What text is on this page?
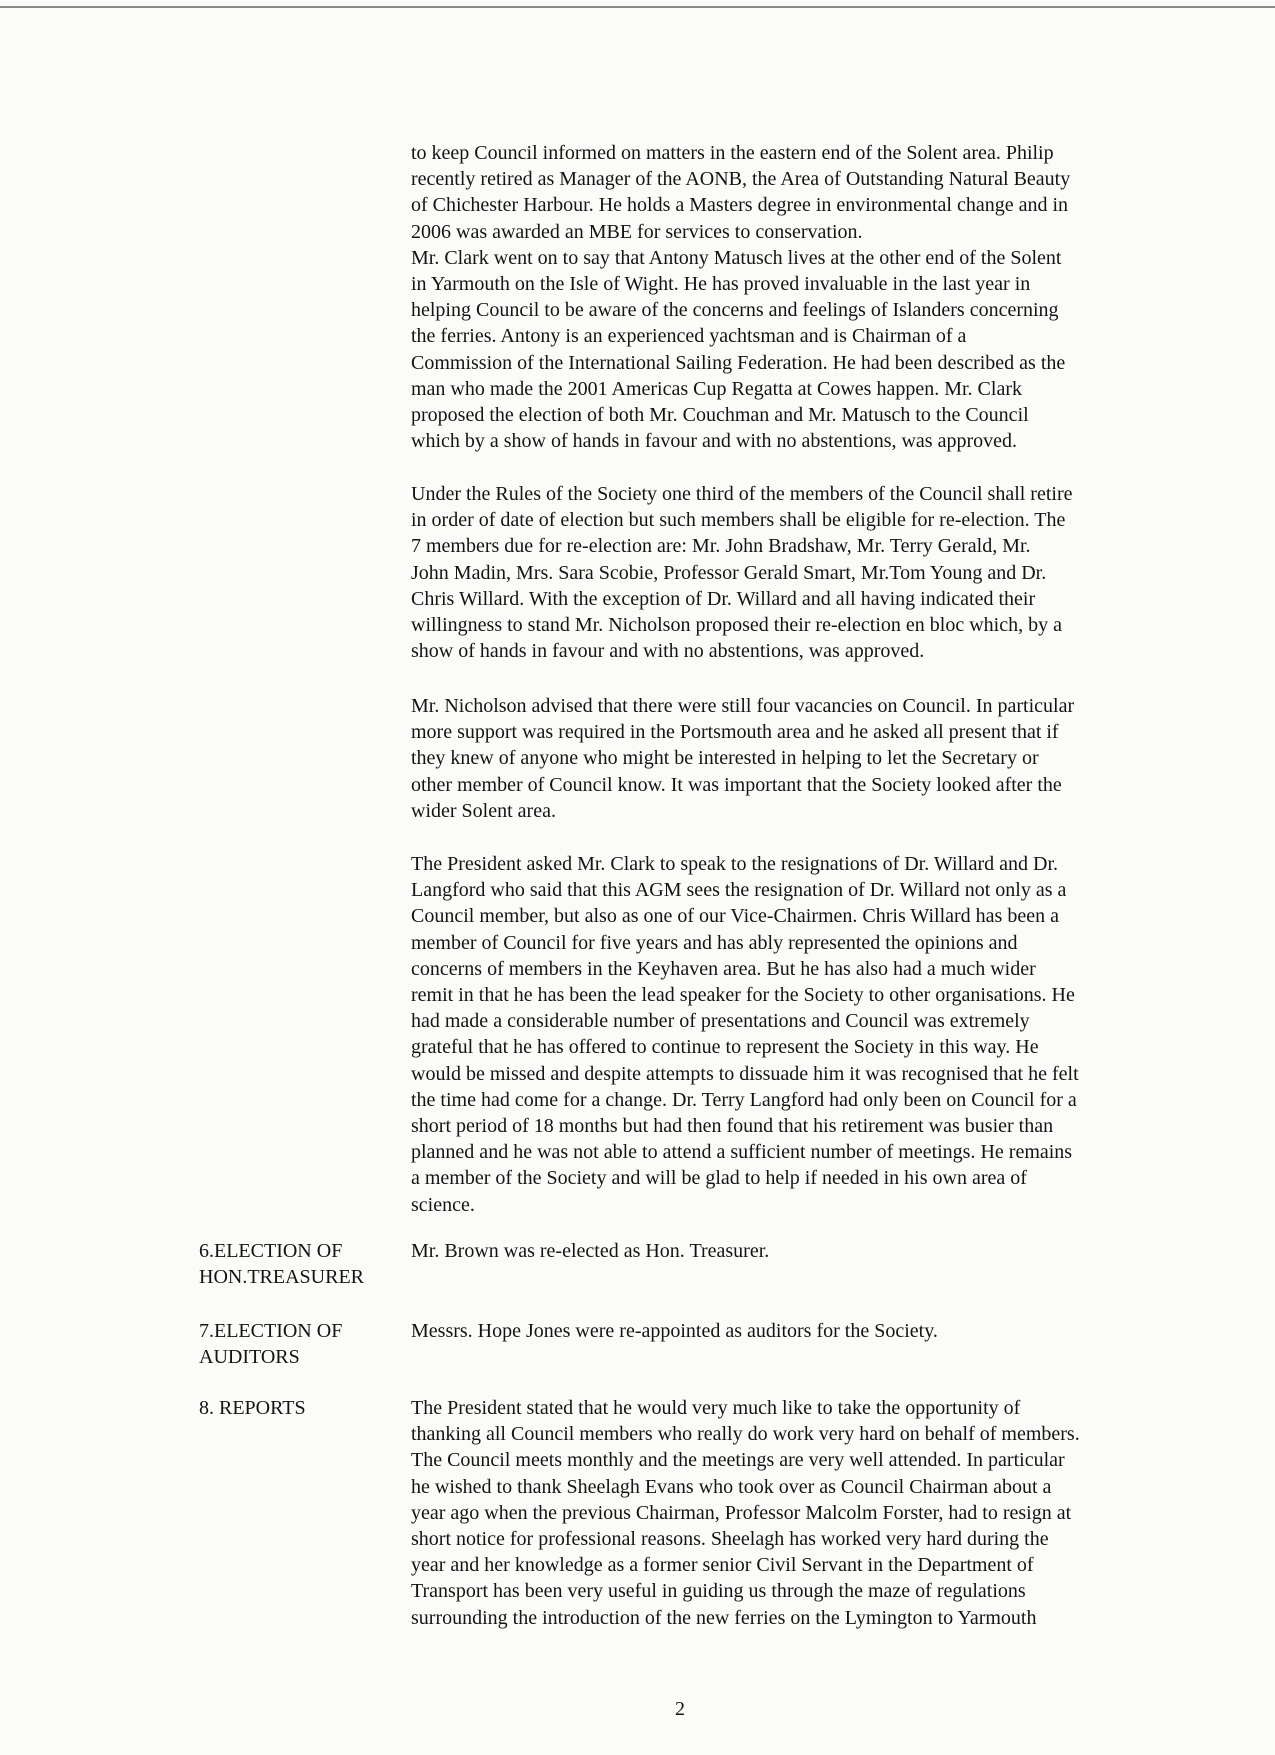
to keep Council informed on matters in the eastern end of the Solent area. Philip
recently retired as Manager of the AONB, the Area of Outstanding Natural Beauty
of Chichester Harbour. He holds a Masters degree in environmental change and in
2006 was awarded an MBE for services to conservation.
Mr. Clark went on to say that Antony Matusch lives at the other end of the Solent
in Yarmouth on the Isle of Wight. He has proved invaluable in the last year in
helping Council to be aware of the concerns and feelings of Islanders concerning
the ferries. Antony is an experienced yachtsman and is Chairman of a
Commission of the International Sailing Federation. He had been described as the
man who made the 2001 Americas Cup Regatta at Cowes happen. Mr. Clark
proposed the election of both Mr. Couchman and Mr. Matusch to the Council
which by a show of hands in favour and with no abstentions, was approved.

Under the Rules of the Society one third of the members of the Council shall retire
in order of date of election but such members shall be eligible for re-election. The
7 members due for re-election are: Mr. John Bradshaw, Mr. Terry Gerald, Mr.
John Madin, Mrs. Sara Scobie, Professor Gerald Smart, Mr.Tom Young and Dr.
Chris Willard. With the exception of Dr. Willard and all having indicated their
willingness to stand Mr. Nicholson proposed their re-election en bloc which, by a
show of hands in favour and with no abstentions, was approved.

Mr. Nicholson advised that there were still four vacancies on Council. In particular
more support was required in the Portsmouth area and he asked all present that if
they knew of anyone who might be interested in helping to let the Secretary or
other member of Council know. It was important that the Society looked after the
wider Solent area.

The President asked Mr. Clark to speak to the resignations of Dr. Willard and Dr.
Langford who said that this AGM sees the resignation of Dr. Willard not only as a
Council member, but also as one of our Vice-Chairmen. Chris Willard has been a
member of Council for five years and has ably represented the opinions and
concerns of members in the Keyhaven area. But he has also had a much wider
remit in that he has been the lead speaker for the Society to other organisations. He
had made a considerable number of presentations and Council was extremely
grateful that he has offered to continue to represent the Society in this way. He
would be missed and despite attempts to dissuade him it was recognised that he felt
the time had come for a change. Dr. Terry Langford had only been on Council for a
short period of 18 months but had then found that his retirement was busier than
planned and he was not able to attend a sufficient number of meetings. He remains
a member of the Society and will be glad to help if needed in his own area of
science.

6.ELECTION OF
HON.TREASURER
Mr. Brown was re-elected as Hon. Treasurer.
7.ELECTION OF
AUDITORS
Messrs. Hope Jones were re-appointed as auditors for the Society.
8. REPORTS	The President stated that he would very much like to take the opportunity of
thanking all Council members who really do work very hard on behalf of members.
The Council meets monthly and the meetings are very well attended. In particular
he wished to thank Sheelagh Evans who took over as Council Chairman about a
year ago when the previous Chairman, Professor Malcolm Forster, had to resign at
short notice for professional reasons. Sheelagh has worked very hard during the
year and her knowledge as a former senior Civil Servant in the Department of
Transport has been very useful in guiding us through the maze of regulations
surrounding the introduction of the new ferries on the Lymington to Yarmouth
2
